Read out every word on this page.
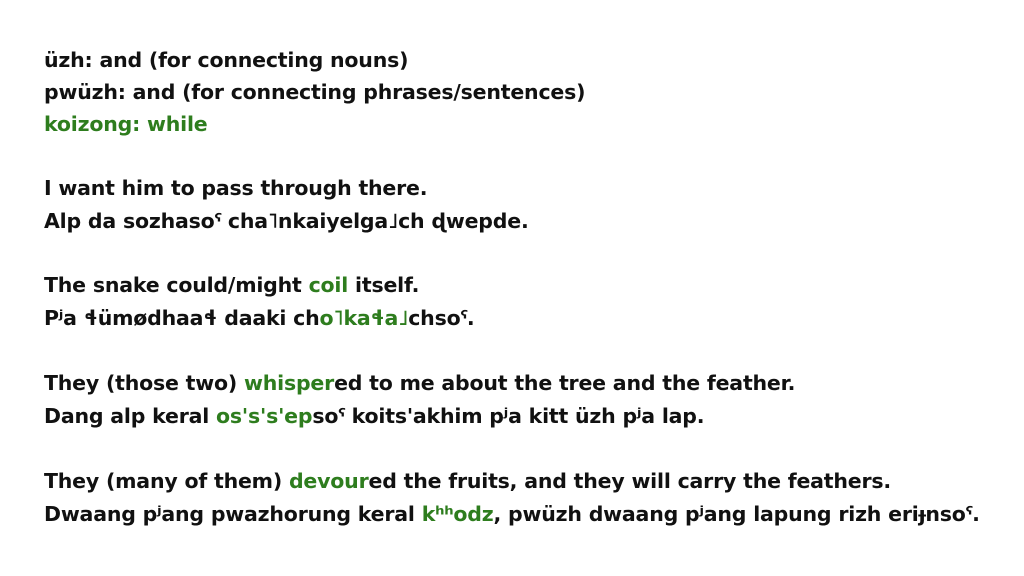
üzh: and (for connecting nouns)
pwüzh: and (for connecting phrases/sentences)
koizong: while
I want him to pass through there.
Alp da sozhasoˁ cha˥nkaiyelga˩ch ɖwepde.
The snake could/might coil itself.
Pʲa ɬümødhaaɬ daaki cho˥kaɬa˩chsoˁ.
They (those two) whispered to me about the tree and the feather.
Dang alp keral os's's'epsoˁ koits'akhim pʲa kitt üzh pʲa lap.
They (many of them) devoured the fruits, and they will carry the feathers.
Dwaang pʲang pwazhorung keral kʰʰodz, pwüzh dwaang pʲang lapung rizh eriɟnsoˁ.
